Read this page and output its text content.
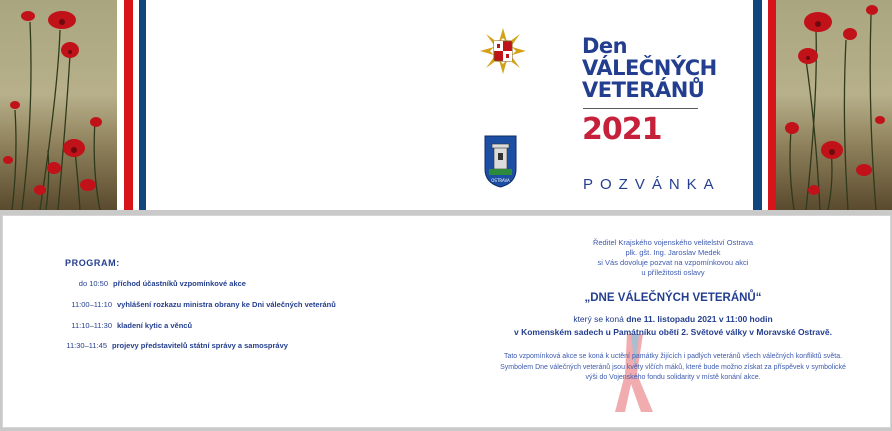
OSTRAVA
Den
VÁLEČNÝCH
VETERÁNŮ
2021
POZVÁNKA
PROGRAM:
do 10:50 příchod účastníků vzpomínkové akce
11:00–11:10 vyhlášení rozkazu ministra obrany ke Dni válečných veteránů
11:10–11:30 kladení kytic a věnců
11:30–11:45 projevy představitelů státní správy a samosprávy
Ředitel Krajského vojenského velitelství Ostrava
plk. gšt. Ing. Jaroslav Medek
si Vás dovoluje pozvat na vzpomínkovou akci
u příležitosti oslavy
„DNE VÁLEČNÝCH VETERÁNŮ“
který se koná dne 11. listopadu 2021 v 11:00 hodin
v Komenském sadech u Památníku obětí 2. Světové války v Moravské Ostravě.
Tato vzpomínková akce se koná k uctění památky žijících i padlých veteránů všech válečných konfliktů světa.
Symbolem Dne válečných veteránů jsou květy vlčích máků, které bude možno získat za příspěvek v symbolické
výši do Vojenského fondu solidarity v místě konání akce.
